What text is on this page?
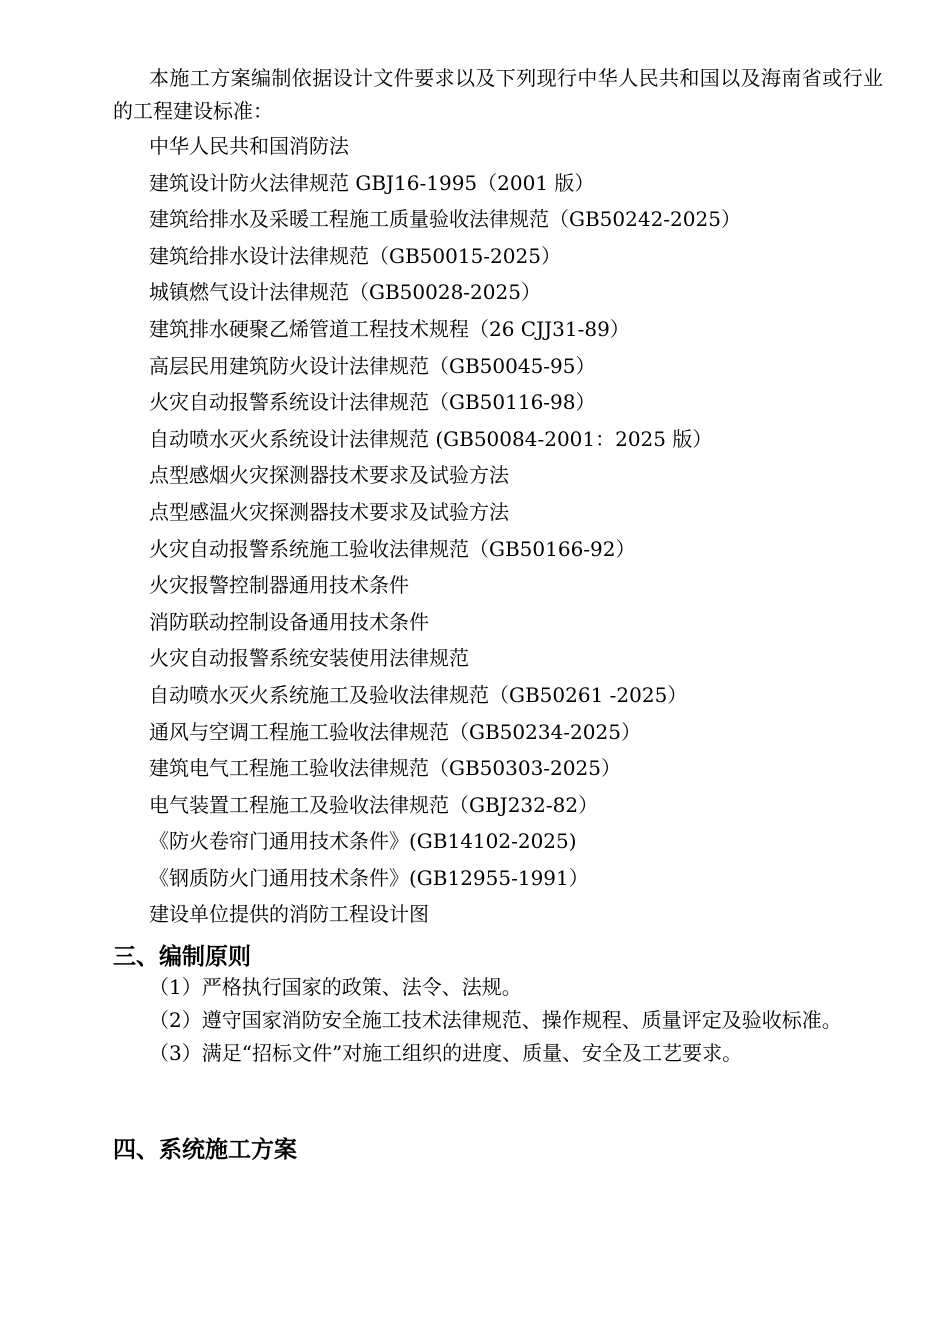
本施工方案编制依据设计文件要求以及下列现行中华人民共和国以及海南省或行业的工程建设标准：

中华人民共和国消防法
建筑设计防火法律规范 GBJ16-1995（2001 版）
建筑给排水及采暖工程施工质量验收法律规范（GB50242-2025）
建筑给排水设计法律规范（GB50015-2025）
城镇燃气设计法律规范（GB50028-2025）
建筑排水硬聚乙烯管道工程技术规程（26 CJJ31-89）
高层民用建筑防火设计法律规范（GB50045-95）
火灾自动报警系统设计法律规范（GB50116-98）
自动喷水灭火系统设计法律规范 (GB50084-2001：2025 版）
点型感烟火灾探测器技术要求及试验方法
点型感温火灾探测器技术要求及试验方法
火灾自动报警系统施工验收法律规范（GB50166-92）
火灾报警控制器通用技术条件
消防联动控制设备通用技术条件
火灾自动报警系统安装使用法律规范
自动喷水灭火系统施工及验收法律规范（GB50261 -2025）
通风与空调工程施工验收法律规范（GB50234-2025）
建筑电气工程施工验收法律规范（GB50303-2025）
电气装置工程施工及验收法律规范（GBJ232-82）
《防火卷帘门通用技术条件》(GB14102-2025)
《钢质防火门通用技术条件》(GB12955-1991）
建设单位提供的消防工程设计图
三、编制原则

（1）严格执行国家的政策、法令、法规。

（2）遵守国家消防安全施工技术法律规范、操作规程、质量评定及验收标准。

（3）满足“招标文件”对施工组织的进度、质量、安全及工艺要求。

四、系统施工方案
